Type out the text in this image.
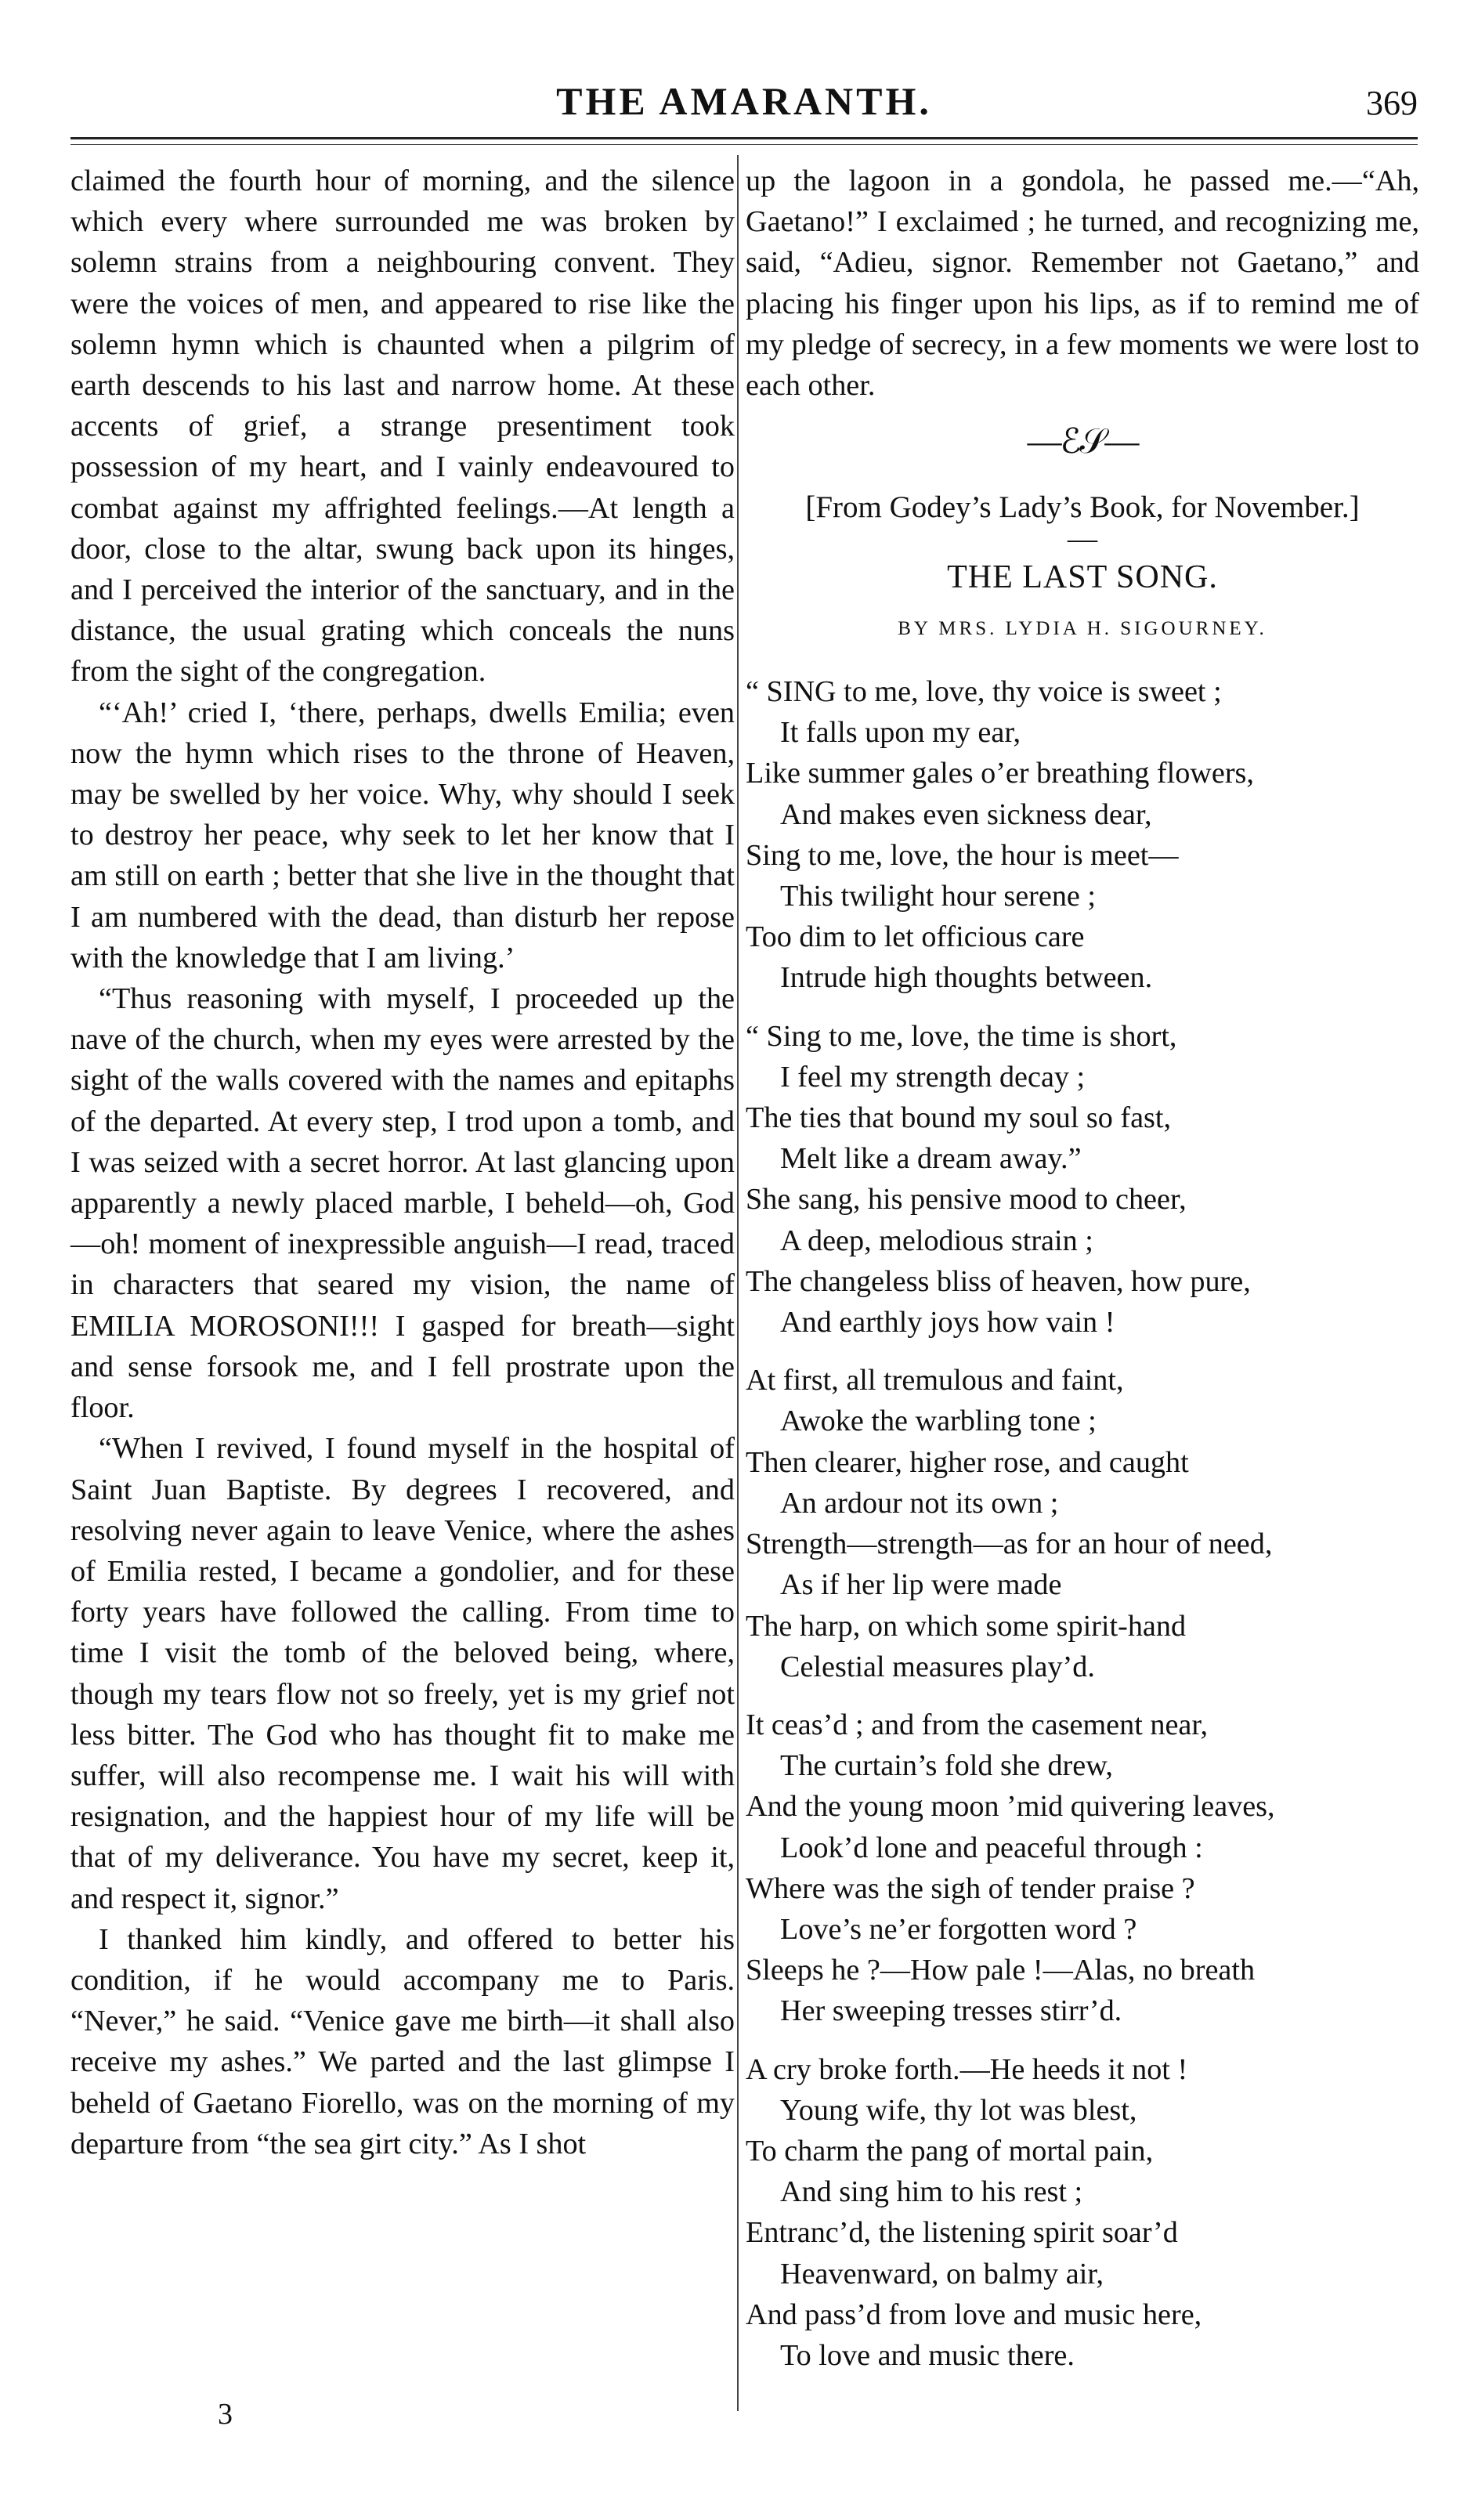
THE AMARANTH.	369

claimed the fourth hour of morning, and the silence which every where surrounded me was broken by solemn strains from a neighbouring convent. They were the voices of men, and appeared to rise like the solemn hymn which is chaunted when a pilgrim of earth descends to his last and narrow home. At these accents of grief, a strange presentiment took possession of my heart, and I vainly endeavoured to combat against my affrighted feelings.—At length a door, close to the altar, swung back upon its hinges, and I perceived the interior of the sanctuary, and in the distance, the usual grating which conceals the nuns from the sight of the congregation.

“‘Ah!’ cried I, ‘there, perhaps, dwells Emilia; even now the hymn which rises to the throne of Heaven, may be swelled by her voice. Why, why should I seek to destroy her peace, why seek to let her know that I am still on earth ; better that she live in the thought that I am numbered with the dead, than disturb her repose with the knowledge that I am living.’

“Thus reasoning with myself, I proceeded up the nave of the church, when my eyes were arrested by the sight of the walls covered with the names and epitaphs of the departed. At every step, I trod upon a tomb, and I was seized with a secret horror. At last glancing upon apparently a newly placed marble, I beheld—oh, God—oh! moment of inexpressible anguish—I read, traced in characters that seared my vision, the name of EMILIA MOROSONI!!! I gasped for breath—sight and sense forsook me, and I fell prostrate upon the floor.

“When I revived, I found myself in the hospital of Saint Juan Baptiste. By degrees I recovered, and resolving never again to leave Venice, where the ashes of Emilia rested, I became a gondolier, and for these forty years have followed the calling. From time to time I visit the tomb of the beloved being, where, though my tears flow not so freely, yet is my grief not less bitter. The God who has thought fit to make me suffer, will also recompense me. I wait his will with resignation, and the happiest hour of my life will be that of my deliverance. You have my secret, keep it, and respect it, signor.”

I thanked him kindly, and offered to better his condition, if he would accompany me to Paris. “Never,” he said. “Venice gave me birth—it shall also receive my ashes.” We parted and the last glimpse I beheld of Gaetano Fiorello, was on the morning of my departure from “the sea girt city.” As I shot

3

up the lagoon in a gondola, he passed me.—“Ah, Gaetano!” I exclaimed ; he turned, and recognizing me, said, “Adieu, signor. Remember not Gaetano,” and placing his finger upon his lips, as if to remind me of my pledge of secrecy, in a few moments we were lost to each other.

—ℰ𝒮—

[From Godey’s Lady’s Book, for November.]

—

THE LAST SONG.

BY MRS. LYDIA H. SIGOURNEY.

“ SING to me, love, thy voice is sweet ;
It falls upon my ear,
Like summer gales o’er breathing flowers,
And makes even sickness dear,
Sing to me, love, the hour is meet—
This twilight hour serene ;
Too dim to let officious care
Intrude high thoughts between.
“ Sing to me, love, the time is short,
I feel my strength decay ;
The ties that bound my soul so fast,
Melt like a dream away.”
She sang, his pensive mood to cheer,
A deep, melodious strain ;
The changeless bliss of heaven, how pure,
And earthly joys how vain !
At first, all tremulous and faint,
Awoke the warbling tone ;
Then clearer, higher rose, and caught
An ardour not its own ;
Strength—strength—as for an hour of need,
As if her lip were made
The harp, on which some spirit-hand
Celestial measures play’d.
It ceas’d ; and from the casement near,
The curtain’s fold she drew,
And the young moon ’mid quivering leaves,
Look’d lone and peaceful through :
Where was the sigh of tender praise ?
Love’s ne’er forgotten word ?
Sleeps he ?—How pale !—Alas, no breath
Her sweeping tresses stirr’d.
A cry broke forth.—He heeds it not !
Young wife, thy lot was blest,
To charm the pang of mortal pain,
And sing him to his rest ;
Entranc’d, the listening spirit soar’d
Heavenward, on balmy air,
And pass’d from love and music here,
To love and music there.
